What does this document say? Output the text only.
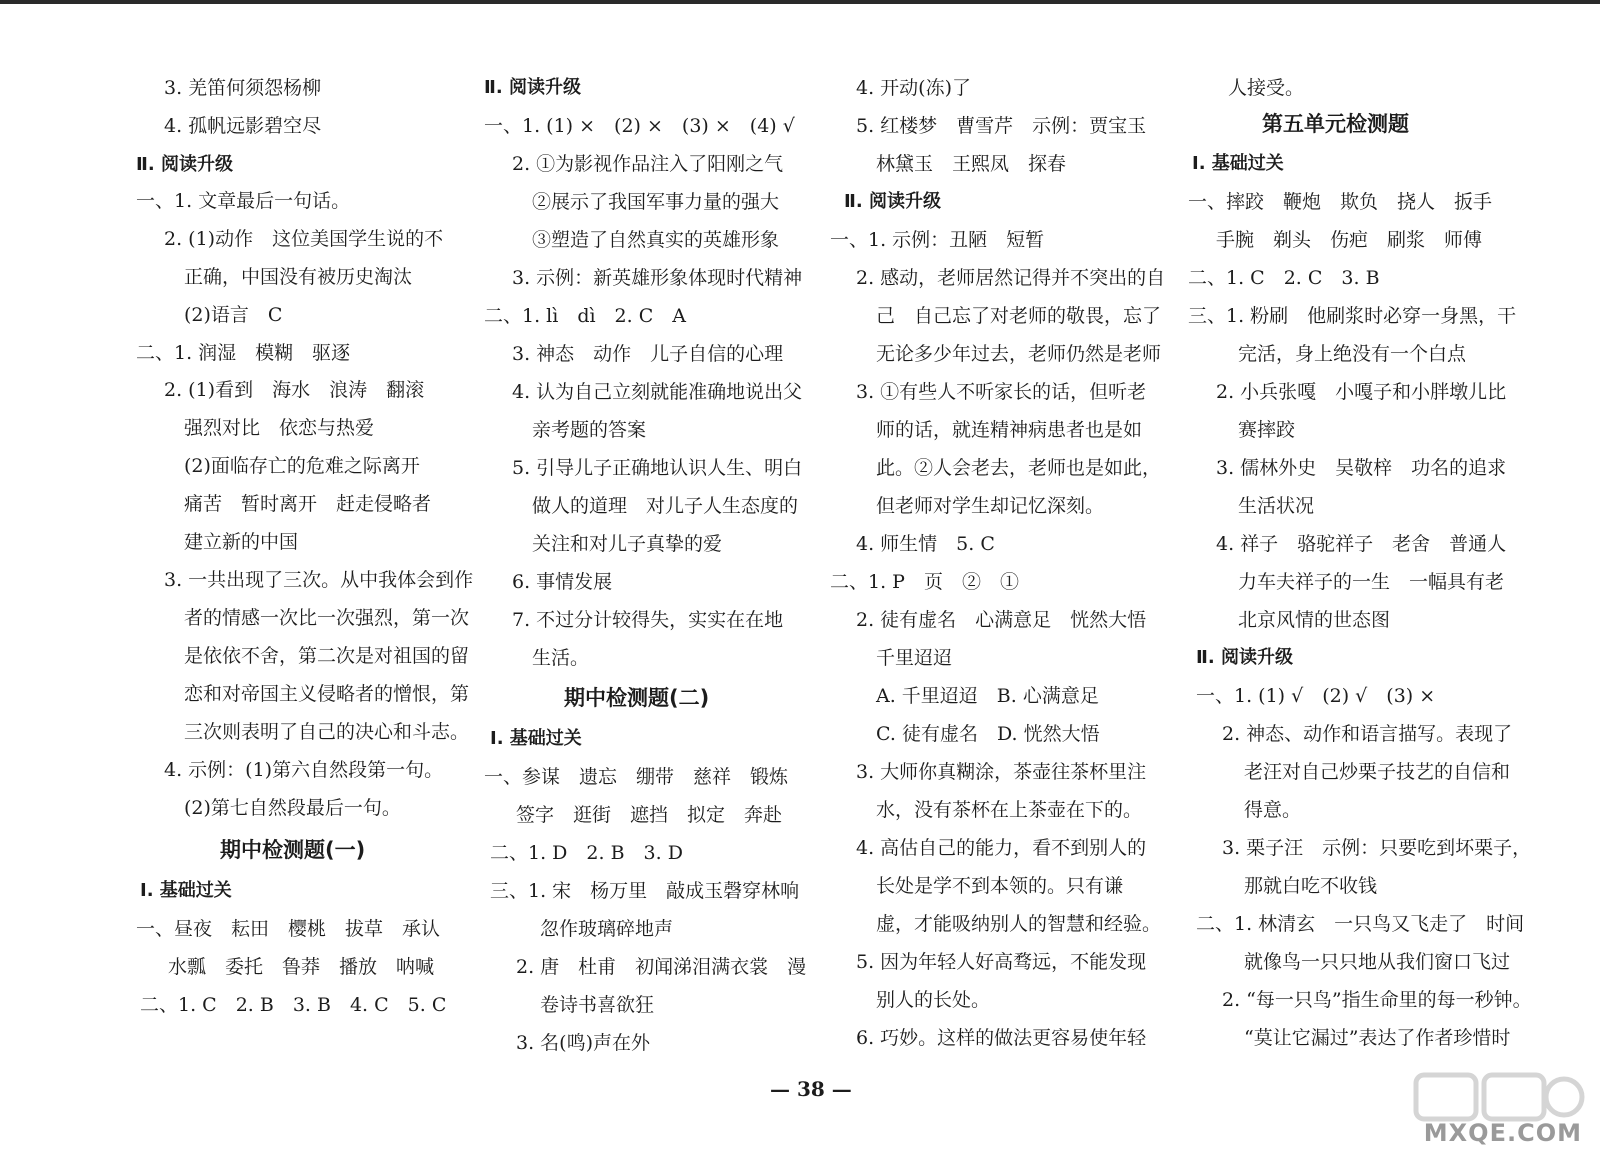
3. 羌笛何须怨杨柳
4. 孤帆远影碧空尽
Ⅱ. 阅读升级
一、1. 文章最后一句话。
2. (1)动作　这位美国学生说的不
正确，中国没有被历史淘汰
(2)语言　C
二、1. 润湿　模糊　驱逐
2. (1)看到　海水　浪涛　翻滚
强烈对比　依恋与热爱
(2)面临存亡的危难之际离开
痛苦　暂时离开　赶走侵略者
建立新的中国
3. 一共出现了三次。从中我体会到作
者的情感一次比一次强烈，第一次
是依依不舍，第二次是对祖国的留
恋和对帝国主义侵略者的憎恨，第
三次则表明了自己的决心和斗志。
4. 示例：(1)第六自然段第一句。
(2)第七自然段最后一句。
期中检测题(一)
Ⅰ. 基础过关
一、昼夜　耘田　樱桃　拔草　承认
水瓢　委托　鲁莽　播放　呐喊
二、1. C　2. B　3. B　4. C　5. C
Ⅱ. 阅读升级
一、1. (1) ×　(2) ×　(3) ×　(4) √
2. ①为影视作品注入了阳刚之气
②展示了我国军事力量的强大
③塑造了自然真实的英雄形象
3. 示例：新英雄形象体现时代精神
二、1. lì　dì　2. C　A
3. 神态　动作　儿子自信的心理
4. 认为自己立刻就能准确地说出父
亲考题的答案
5. 引导儿子正确地认识人生、明白
做人的道理　对儿子人生态度的
关注和对儿子真挚的爱
6. 事情发展
7. 不过分计较得失，实实在在地
生活。
期中检测题(二)
Ⅰ. 基础过关
一、参谋　遗忘　绷带　慈祥　锻炼
签字　逛街　遮挡　拟定　奔赴
二、1. D　2. B　3. D
三、1. 宋　杨万里　敲成玉磬穿林响
忽作玻璃碎地声
2. 唐　杜甫　初闻涕泪满衣裳　漫
卷诗书喜欲狂
3. 名(鸣)声在外
4. 开动(冻)了
5. 红楼梦　曹雪芹　示例：贾宝玉
林黛玉　王熙凤　探春
Ⅱ. 阅读升级
一、1. 示例：丑陋　短暂
2. 感动，老师居然记得并不突出的自
己　自己忘了对老师的敬畏，忘了
无论多少年过去，老师仍然是老师
3. ①有些人不听家长的话，但听老
师的话，就连精神病患者也是如
此。②人会老去，老师也是如此，
但老师对学生却记忆深刻。
4. 师生情　5. C
二、1. P　页　②　①
2. 徒有虚名　心满意足　恍然大悟
千里迢迢
A. 千里迢迢　B. 心满意足
C. 徒有虚名　D. 恍然大悟
3. 大师你真糊涂，茶壶往茶杯里注
水，没有茶杯在上茶壶在下的。
4. 高估自己的能力，看不到别人的
长处是学不到本领的。只有谦
虚，才能吸纳别人的智慧和经验。
5. 因为年轻人好高骛远，不能发现
别人的长处。
6. 巧妙。这样的做法更容易使年轻
人接受。
第五单元检测题
Ⅰ. 基础过关
一、摔跤　鞭炮　欺负　挠人　扳手
手腕　剃头　伤疤　刷浆　师傅
二、1. C　2. C　3. B
三、1. 粉刷　他刷浆时必穿一身黑，干
完活，身上绝没有一个白点
2. 小兵张嘎　小嘎子和小胖墩儿比
赛摔跤
3. 儒林外史　吴敬梓　功名的追求
生活状况
4. 祥子　骆驼祥子　老舍　普通人
力车夫祥子的一生　一幅具有老
北京风情的世态图
Ⅱ. 阅读升级
一、1. (1) √　(2) √　(3) ×
2. 神态、动作和语言描写。表现了
老汪对自己炒栗子技艺的自信和
得意。
3. 栗子汪　示例：只要吃到坏栗子，
那就白吃不收钱
二、1. 林清玄　一只鸟又飞走了　时间
就像鸟一只只地从我们窗口飞过
2. “每一只鸟”指生命里的每一秒钟。
“莫让它漏过”表达了作者珍惜时
— 38 —
MXQE.COM
